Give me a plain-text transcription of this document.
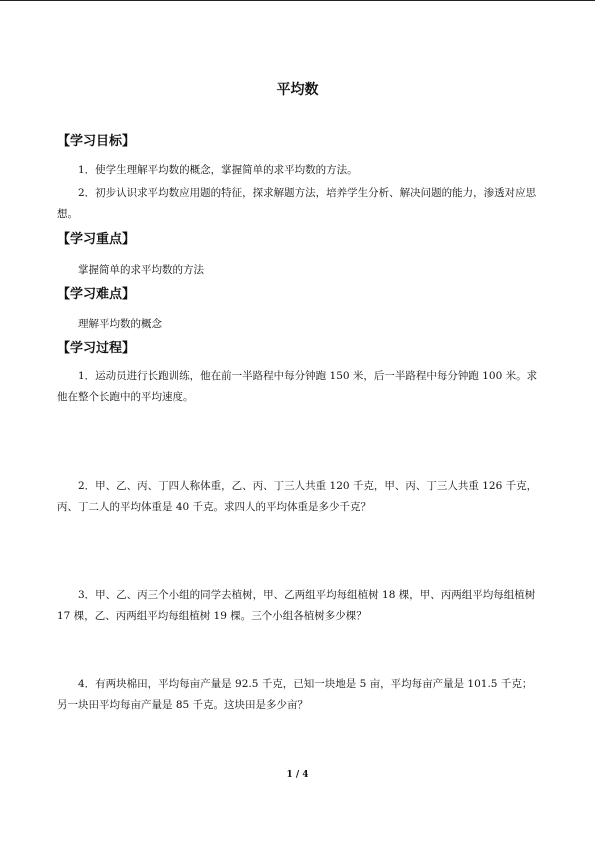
平均数
【学习目标】
1．使学生理解平均数的概念，掌握简单的求平均数的方法。
2．初步认识求平均数应用题的特征，探求解题方法，培养学生分析、解决问题的能力，渗透对应思想。
【学习重点】
掌握简单的求平均数的方法
【学习难点】
理解平均数的概念
【学习过程】
1．运动员进行长跑训练，他在前一半路程中每分钟跑 150 米，后一半路程中每分钟跑 100 米。求他在整个长跑中的平均速度。
2．甲、乙、丙、丁四人称体重，乙、丙、丁三人共重 120 千克，甲、丙、丁三人共重 126 千克，丙、丁二人的平均体重是 40 千克。求四人的平均体重是多少千克？
3．甲、乙、丙三个小组的同学去植树，甲、乙两组平均每组植树 18 棵，甲、丙两组平均每组植树 17 棵，乙、丙两组平均每组植树 19 棵。三个小组各植树多少棵？
4．有两块棉田，平均每亩产量是 92.5 千克，已知一块地是 5 亩，平均每亩产量是 101.5 千克；另一块田平均每亩产量是 85 千克。这块田是多少亩？
1 / 4
